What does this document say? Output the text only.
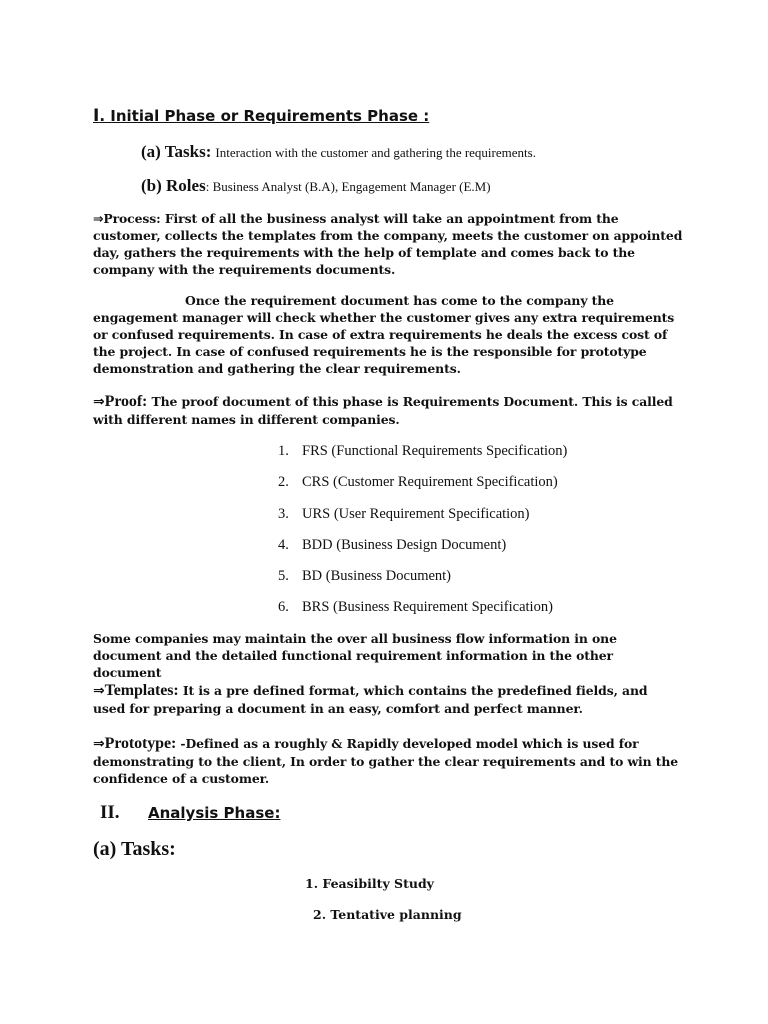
I. Initial Phase or Requirements Phase :
(a) Tasks: Interaction with the customer and gathering the requirements.
(b) Roles: Business Analyst (B.A), Engagement Manager (E.M)
⇒Process: First of all the business analyst will take an appointment from the customer, collects the templates from the company, meets the customer on appointed day, gathers the requirements with the help of template and comes back to the company with the requirements documents.
Once the requirement document has come to the company the engagement manager will check whether the customer gives any extra requirements or confused requirements. In case of extra requirements he deals the excess cost of the project. In case of confused requirements he is the responsible for prototype demonstration and gathering the clear requirements.
⇒Proof: The proof document of this phase is Requirements Document. This is called with different names in different companies.
1. FRS (Functional Requirements Specification)
2. CRS (Customer Requirement Specification)
3. URS (User Requirement Specification)
4. BDD (Business Design Document)
5. BD (Business Document)
6. BRS (Business Requirement Specification)
Some companies may maintain the over all business flow information in one document and the detailed functional requirement information in the other document
⇒Templates: It is a pre defined format, which contains the predefined fields, and used for preparing a document in an easy, comfort and perfect manner.
⇒Prototype: -Defined as a roughly & Rapidly developed model which is used for demonstrating to the client, In order to gather the clear requirements and to win the confidence of a customer.
II. Analysis Phase:
(a) Tasks:
1. Feasibilty Study
2. Tentative planning
